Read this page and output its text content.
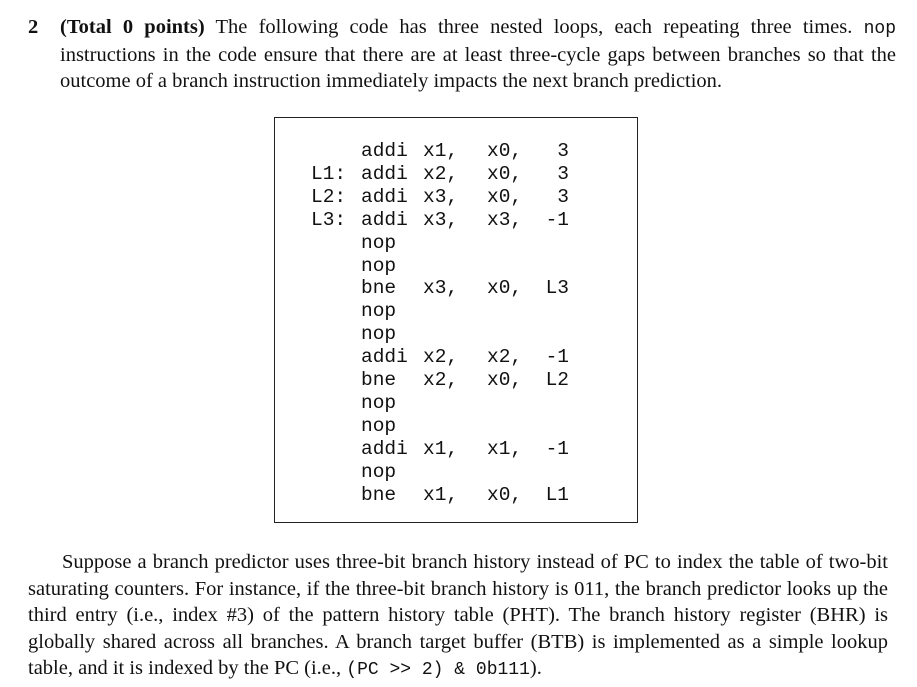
2 (Total 0 points) The following code has three nested loops, each repeating three times. nop instructions in the code ensure that there are at least three-cycle gaps between branches so that the outcome of a branch instruction immediately impacts the next branch prediction.
addi x1, x0, 3
L1: addi x2, x0, 3
L2: addi x3, x0, 3
L3: addi x3, x3, -1
nop
nop
bne x3, x0, L3
nop
nop
addi x2, x2, -1
bne x2, x0, L2
nop
nop
addi x1, x1, -1
nop
bne x1, x0, L1
Suppose a branch predictor uses three-bit branch history instead of PC to index the table of two-bit saturating counters. For instance, if the three-bit branch history is 011, the branch predictor looks up the third entry (i.e., index #3) of the pattern history table (PHT). The branch history register (BHR) is globally shared across all branches. A branch target buffer (BTB) is implemented as a simple lookup table, and it is indexed by the PC (i.e., (PC >> 2) & 0b111).
